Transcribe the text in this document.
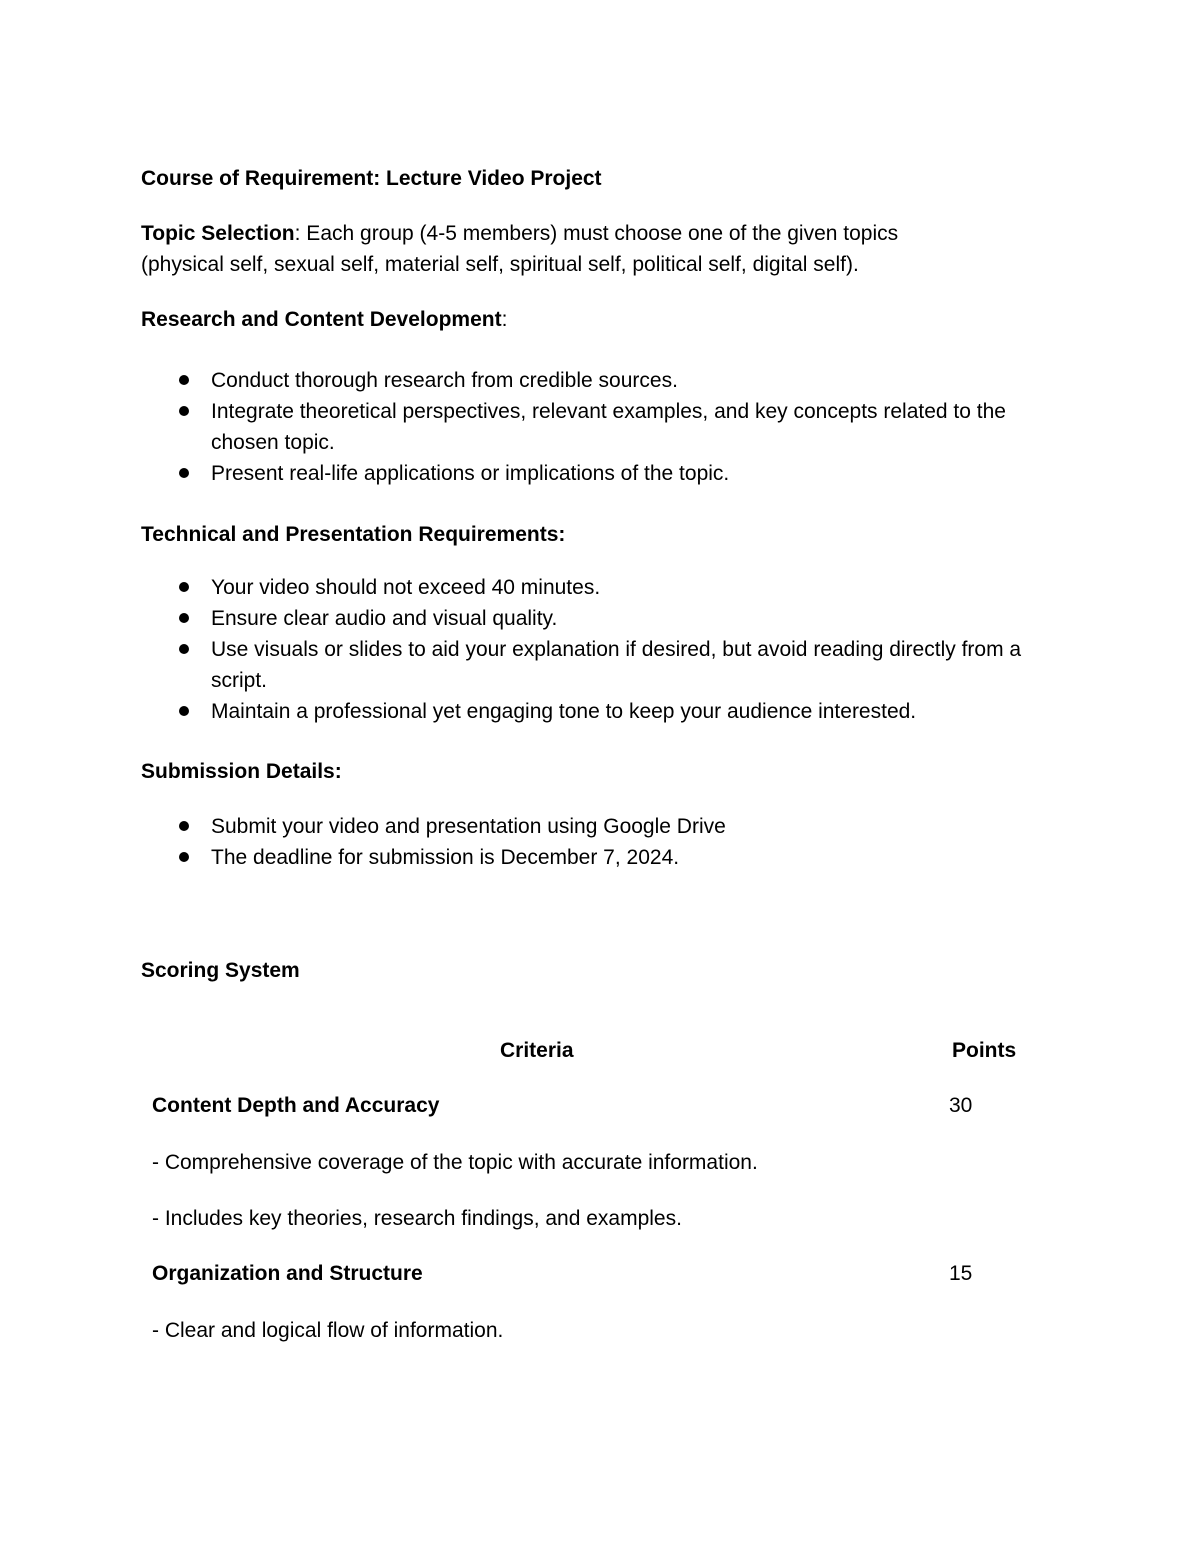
Course of Requirement: Lecture Video Project
Topic Selection: Each group (4-5 members) must choose one of the given topics
(physical self, sexual self, material self, spiritual self, political self, digital self).
Research and Content Development:
Conduct thorough research from credible sources.
Integrate theoretical perspectives, relevant examples, and key concepts related to the chosen topic.
Present real-life applications or implications of the topic.
Technical and Presentation Requirements:
Your video should not exceed 40 minutes.
Ensure clear audio and visual quality.
Use visuals or slides to aid your explanation if desired, but avoid reading directly from a script.
Maintain a professional yet engaging tone to keep your audience interested.
Submission Details:
Submit your video and presentation using Google Drive
The deadline for submission is December 7, 2024.
Scoring System
Criteria	Points
Content Depth and Accuracy	30
- Comprehensive coverage of the topic with accurate information.
- Includes key theories, research findings, and examples.
Organization and Structure	15
- Clear and logical flow of information.
